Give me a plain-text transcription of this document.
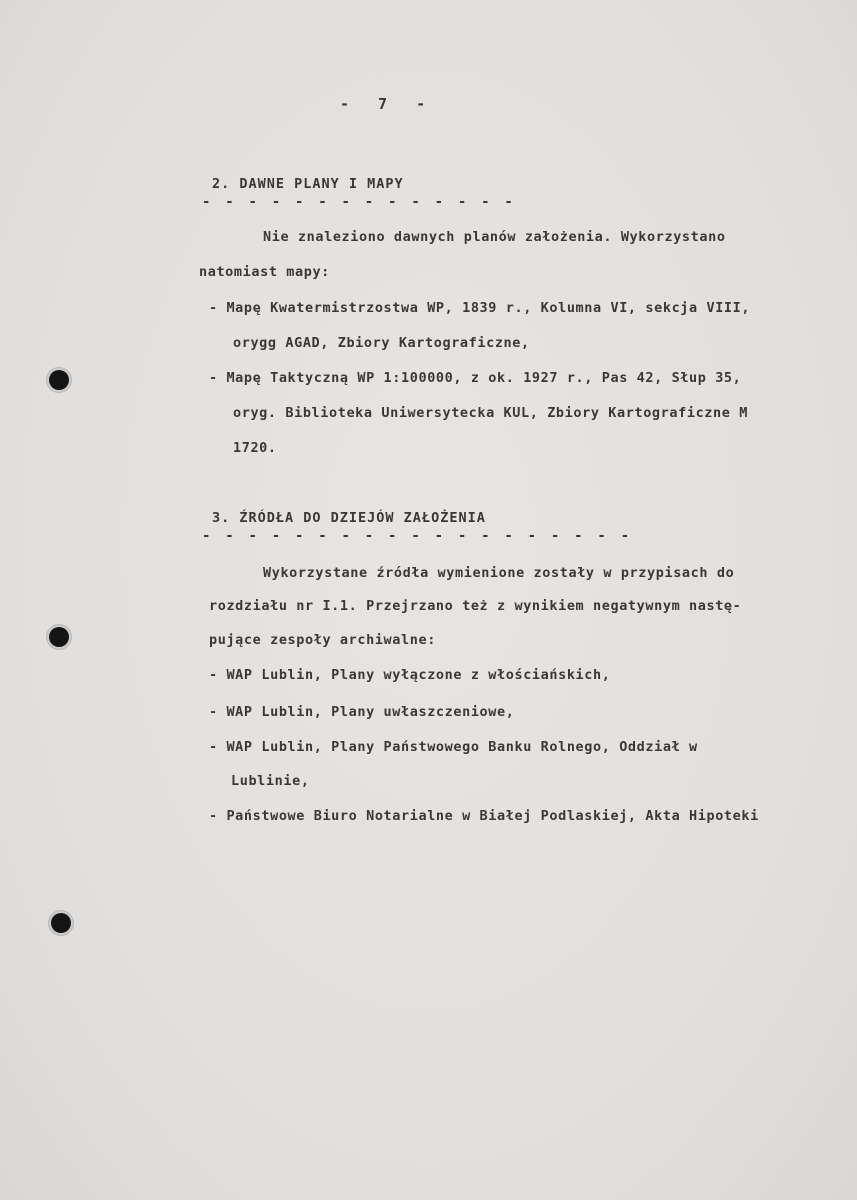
- 7 -
2. DAWNE PLANY I MAPY
- - - - - - - - - - - - - -
Nie znaleziono dawnych planów założenia. Wykorzystano
natomiast mapy:
- Mapę Kwatermistrzostwa WP, 1839 r., Kolumna VI, sekcja VIII,
orygg AGAD, Zbiory Kartograficzne,
- Mapę Taktyczną WP 1:100000, z ok. 1927 r., Pas 42, Słup 35,
oryg. Biblioteka Uniwersytecka KUL, Zbiory Kartograficzne M
1720.
3. ŹRÓDŁA DO DZIEJÓW ZAŁOŻENIA
- - - - - - - - - - - - - - - - - - -
Wykorzystane źródła wymienione zostały w przypisach do
rozdziału nr I.1. Przejrzano też z wynikiem negatywnym nastę-
pujące zespoły archiwalne:
- WAP Lublin, Plany wyłączone z włościańskich,
- WAP Lublin, Plany uwłaszczeniowe,
- WAP Lublin, Plany Państwowego Banku Rolnego, Oddział w
Lublinie,
- Państwowe Biuro Notarialne w Białej Podlaskiej, Akta Hipoteki
